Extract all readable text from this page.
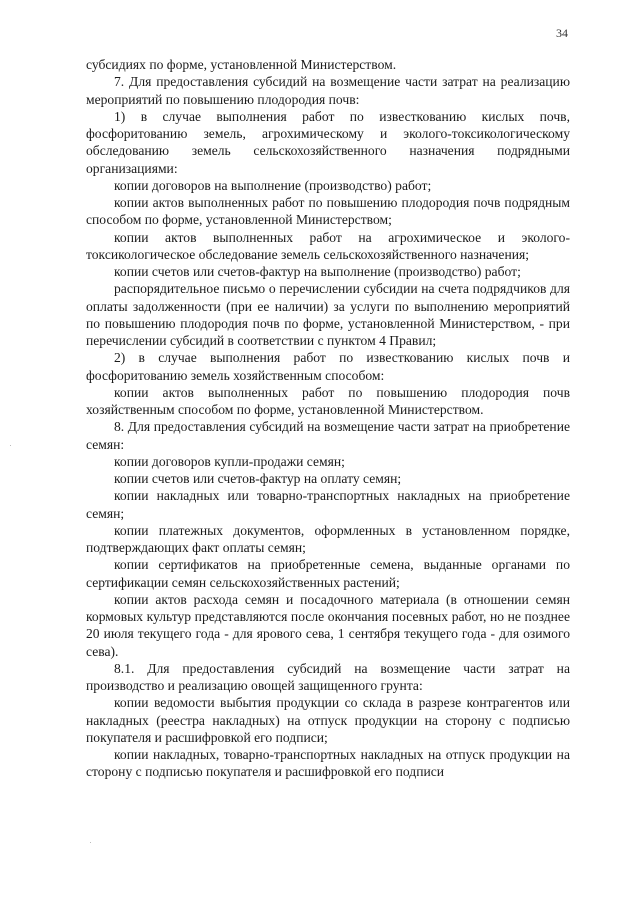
34

субсидиях по форме, установленной Министерством.

7. Для предоставления субсидий на возмещение части затрат на реализацию мероприятий по повышению плодородия почв:

1) в случае выполнения работ по известкованию кислых почв, фосфоритованию земель, агрохимическому и эколого-токсикологическому обследованию земель сельскохозяйственного назначения подрядными организациями:

копии договоров на выполнение (производство) работ;

копии актов выполненных работ по повышению плодородия почв подрядным способом по форме, установленной Министерством;

копии актов выполненных работ на агрохимическое и эколого-токсикологическое обследование земель сельскохозяйственного назначения;

копии счетов или счетов-фактур на выполнение (производство) работ;

распорядительное письмо о перечислении субсидии на счета подрядчиков для оплаты задолженности (при ее наличии) за услуги по выполнению мероприятий по повышению плодородия почв по форме, установленной Министерством, - при перечислении субсидий в соответствии с пунктом 4 Правил;

2) в случае выполнения работ по известкованию кислых почв и фосфоритованию земель хозяйственным способом:

копии актов выполненных работ по повышению плодородия почв хозяйственным способом по форме, установленной Министерством.

8. Для предоставления субсидий на возмещение части затрат на приобретение семян:

копии договоров купли-продажи семян;

копии счетов или счетов-фактур на оплату семян;

копии накладных или товарно-транспортных накладных на приобретение семян;

копии платежных документов, оформленных в установленном порядке, подтверждающих факт оплаты семян;

копии сертификатов на приобретенные семена, выданные органами по сертификации семян сельскохозяйственных растений;

копии актов расхода семян и посадочного материала (в отношении семян кормовых культур представляются после окончания посевных работ, но не позднее 20 июля текущего года - для ярового сева, 1 сентября текущего года - для озимого сева).

8.1. Для предоставления субсидий на возмещение части затрат на производство и реализацию овощей защищенного грунта:

копии ведомости выбытия продукции со склада в разрезе контрагентов или накладных (реестра накладных) на отпуск продукции на сторону с подписью покупателя и расшифровкой его подписи;

копии накладных, товарно-транспортных накладных на отпуск продукции на сторону с подписью покупателя и расшифровкой его подписи
